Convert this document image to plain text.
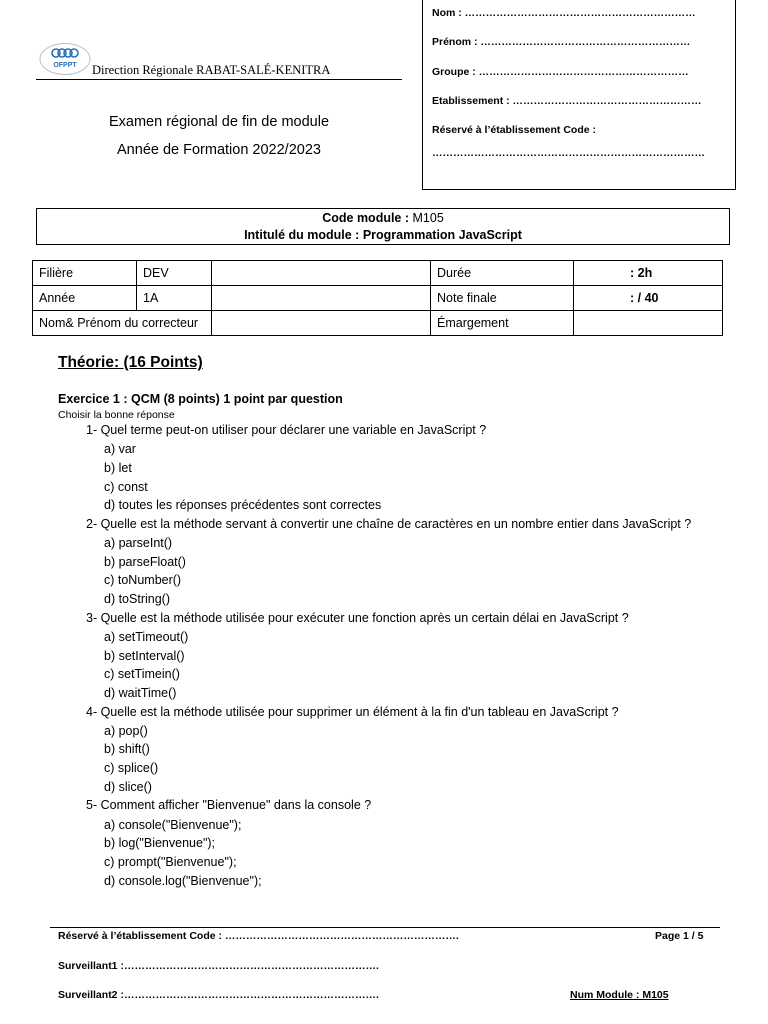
OFPPT Direction Régionale RABAT-SALÉ-KENITRA
Examen régional de fin de module
Année de Formation 2022/2023
Nom : …………………………………………………………
Prénom : ……………………………………………………
Groupe : ……………………………………………………
Etablissement : ………………………………………………
Réservé à l’établissement Code :
……………………………………………………………………
Code module : M105
Intitulé du module : Programmation JavaScript
Filière	DEV		Durée	: 2h
Année	1A		Note finale	: / 40
Nom& Prénom du correcteur			Émargement	
Théorie: (16 Points)
Exercice 1 : QCM (8 points) 1 point par question
Choisir la bonne réponse
1- Quel terme peut-on utiliser pour déclarer une variable en JavaScript ?
a) var
b) let
c) const
d) toutes les réponses précédentes sont correctes
2- Quelle est la méthode servant à convertir une chaîne de caractères en un nombre entier dans JavaScript ?
a) parseInt()
b) parseFloat()
c) toNumber()
d) toString()
3- Quelle est la méthode utilisée pour exécuter une fonction après un certain délai en JavaScript ?
a) setTimeout()
b) setInterval()
c) setTimein()
d) waitTime()
4- Quelle est la méthode utilisée pour supprimer un élément à la fin d'un tableau en JavaScript ?
a) pop()
b) shift()
c) splice()
d) slice()
5- Comment afficher "Bienvenue" dans la console ?
a) console("Bienvenue");
b) log("Bienvenue");
c) prompt("Bienvenue");
d) console.log("Bienvenue");
Réservé à l’établissement Code : ………………………………………………………….	Page 1 / 5
Surveillant1 :……………………………………………………………….
Surveillant2 :……………………………………………………………….	Num Module : M105
